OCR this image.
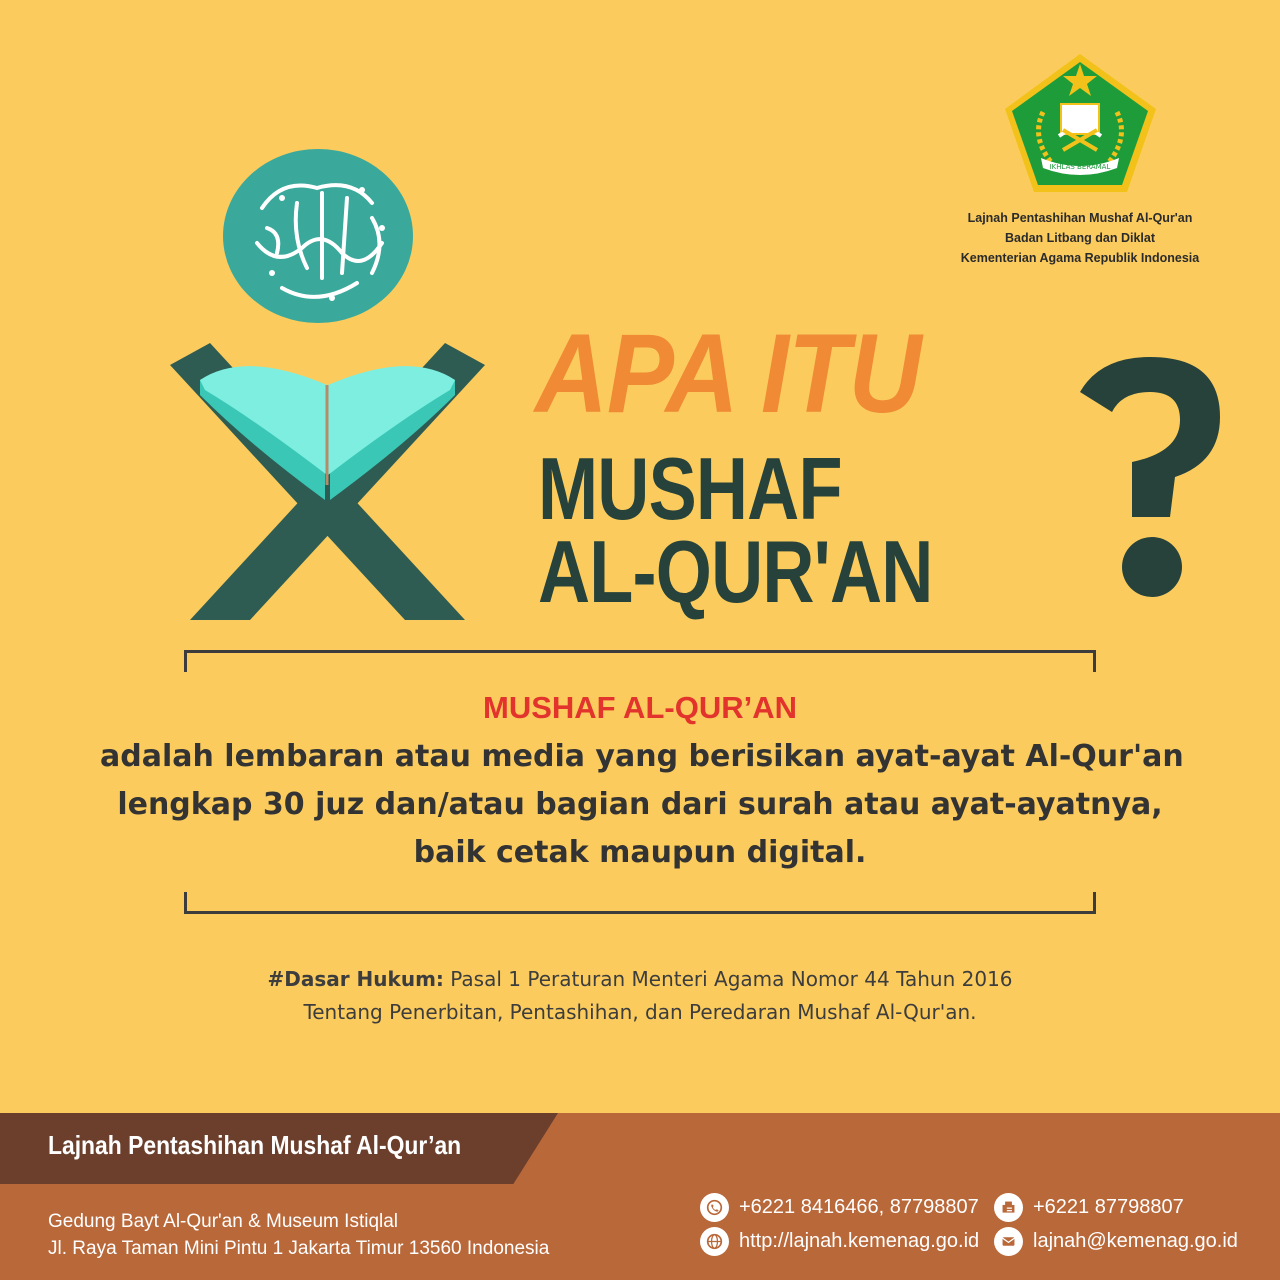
IKHLAS BERAMAL
Lajnah Pentashihan Mushaf Al-Qur'an
Badan Litbang dan Diklat
Kementerian Agama Republik Indonesia
APA ITU
MUSHAF
AL-QUR'AN
MUSHAF AL-QUR’AN
adalah lembaran atau media yang berisikan ayat-ayat Al-Qur'an
lengkap 30 juz dan/atau bagian dari surah atau ayat-ayatnya,
baik cetak maupun digital.
#Dasar Hukum: Pasal 1 Peraturan Menteri Agama Nomor 44 Tahun 2016
Tentang Penerbitan, Pentashihan, dan Peredaran Mushaf Al-Qur'an.
Lajnah Pentashihan Mushaf Al-Qur’an
Gedung Bayt Al-Qur'an & Museum Istiqlal
Jl. Raya Taman Mini Pintu 1 Jakarta Timur 13560 Indonesia
+6221 8416466, 87798807	+6221 87798807
http://lajnah.kemenag.go.id	lajnah@kemenag.go.id
